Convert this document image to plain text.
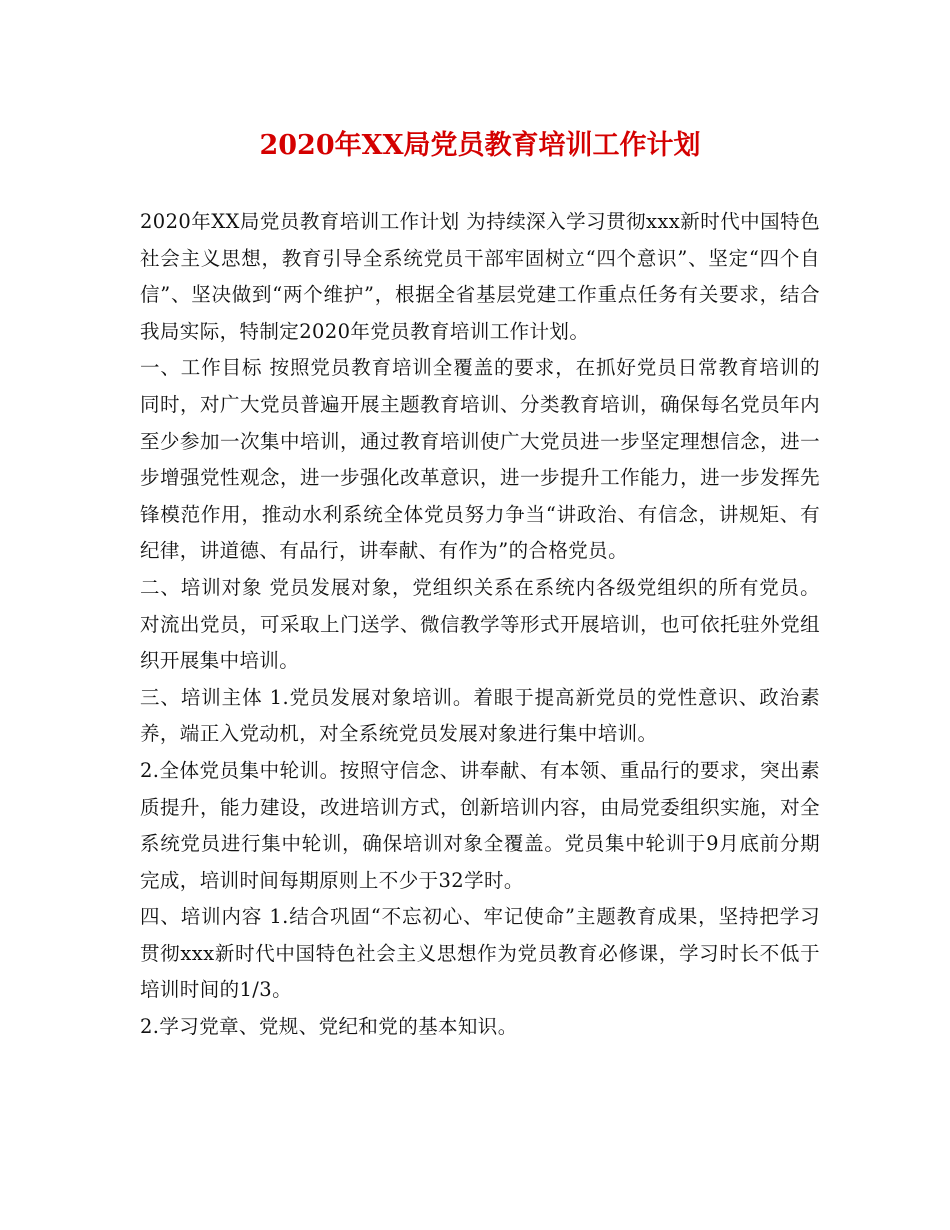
2020年XX局党员教育培训工作计划

2020年XX局党员教育培训工作计划 为持续深入学习贯彻xxx新时代中国特色社会主义思想，教育引导全系统党员干部牢固树立“四个意识”、坚定“四个自信”、坚决做到“两个维护”，根据全省基层党建工作重点任务有关要求，结合我局实际，特制定2020年党员教育培训工作计划。

一、工作目标 按照党员教育培训全覆盖的要求，在抓好党员日常教育培训的同时，对广大党员普遍开展主题教育培训、分类教育培训，确保每名党员年内至少参加一次集中培训，通过教育培训使广大党员进一步坚定理想信念，进一步增强党性观念，进一步强化改革意识，进一步提升工作能力，进一步发挥先锋模范作用，推动水利系统全体党员努力争当“讲政治、有信念，讲规矩、有纪律，讲道德、有品行，讲奉献、有作为”的合格党员。

二、培训对象 党员发展对象，党组织关系在系统内各级党组织的所有党员。对流出党员，可采取上门送学、微信教学等形式开展培训，也可依托驻外党组织开展集中培训。

三、培训主体 1.党员发展对象培训。着眼于提高新党员的党性意识、政治素养，端正入党动机，对全系统党员发展对象进行集中培训。

2.全体党员集中轮训。按照守信念、讲奉献、有本领、重品行的要求，突出素质提升，能力建设，改进培训方式，创新培训内容，由局党委组织实施，对全系统党员进行集中轮训，确保培训对象全覆盖。党员集中轮训于9月底前分期完成，培训时间每期原则上不少于32学时。

四、培训内容 1.结合巩固“不忘初心、牢记使命”主题教育成果，坚持把学习贯彻xxx新时代中国特色社会主义思想作为党员教育必修课，学习时长不低于培训时间的1/3。

2.学习党章、党规、党纪和党的基本知识。
